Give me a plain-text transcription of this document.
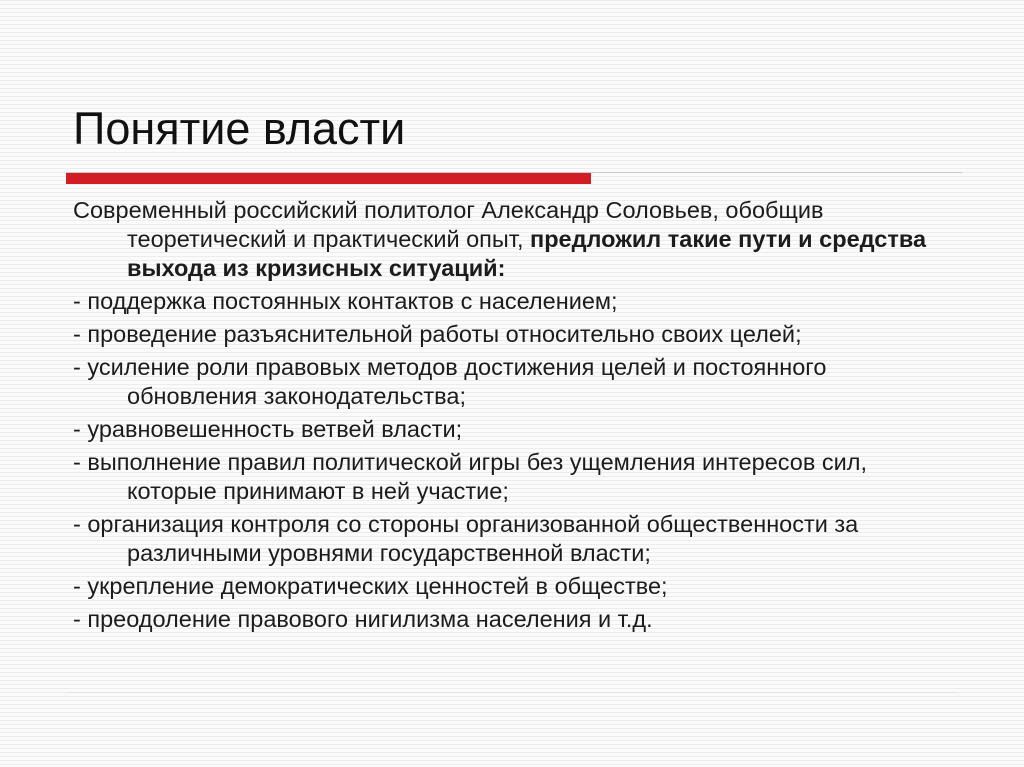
Понятие власти

Современный российский политолог Александр Соловьев, обобщив теоретический и практический опыт, предложил такие пути и средства выхода из кризисных ситуаций:

- поддержка постоянных контактов с населением;

- проведение разъяснительной работы относительно своих целей;

- усиление роли правовых методов достижения целей и постоянного обновления законодательства;

- уравновешенность ветвей власти;

- выполнение правил политической игры без ущемления интересов сил, которые принимают в ней участие;

- организация контроля со стороны организованной общественности за различными уровнями государственной власти;

- укрепление демократических ценностей в обществе;

- преодоление правового нигилизма населения и т.д.
